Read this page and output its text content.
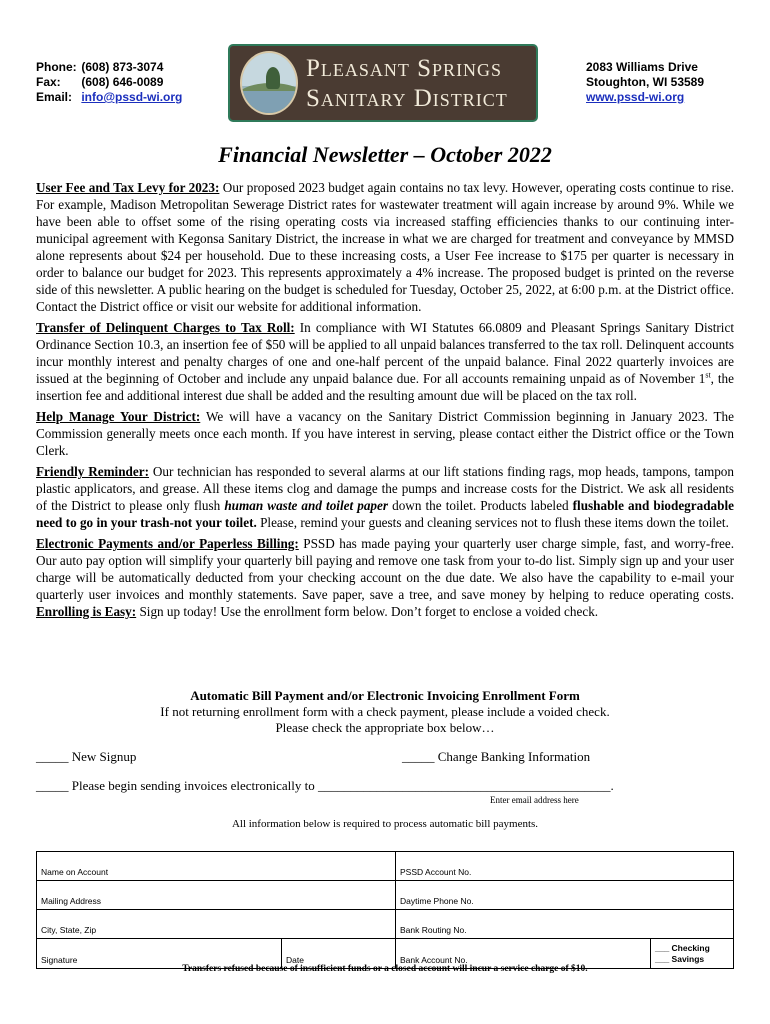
Phone: (608) 873-3074
Fax: (608) 646-0089
Email: info@pssd-wi.org
Pleasant Springs
Sanitary District
2083 Williams Drive
Stoughton, WI 53589
www.pssd-wi.org
Financial Newsletter – October 2022

User Fee and Tax Levy for 2023: Our proposed 2023 budget again contains no tax levy. However, operating costs continue to rise. For example, Madison Metropolitan Sewerage District rates for wastewater treatment will again increase by around 9%. While we have been able to offset some of the rising operating costs via increased staffing efficiencies thanks to our continuing inter-municipal agreement with Kegonsa Sanitary District, the increase in what we are charged for treatment and conveyance by MMSD alone represents about $24 per household. Due to these increasing costs, a User Fee increase to $175 per quarter is necessary in order to balance our budget for 2023. This represents approximately a 4% increase. The proposed budget is printed on the reverse side of this newsletter. A public hearing on the budget is scheduled for Tuesday, October 25, 2022, at 6:00 p.m. at the District office. Contact the District office or visit our website for additional information.

Transfer of Delinquent Charges to Tax Roll: In compliance with WI Statutes 66.0809 and Pleasant Springs Sanitary District Ordinance Section 10.3, an insertion fee of $50 will be applied to all unpaid balances transferred to the tax roll. Delinquent accounts incur monthly interest and penalty charges of one and one-half percent of the unpaid balance. Final 2022 quarterly invoices are issued at the beginning of October and include any unpaid balance due. For all accounts remaining unpaid as of November 1st, the insertion fee and additional interest due shall be added and the resulting amount due will be placed on the tax roll.

Help Manage Your District: We will have a vacancy on the Sanitary District Commission beginning in January 2023. The Commission generally meets once each month. If you have interest in serving, please contact either the District office or the Town Clerk.

Friendly Reminder: Our technician has responded to several alarms at our lift stations finding rags, mop heads, tampons, tampon plastic applicators, and grease. All these items clog and damage the pumps and increase costs for the District. We ask all residents of the District to please only flush human waste and toilet paper down the toilet. Products labeled flushable and biodegradable need to go in your trash-not your toilet. Please, remind your guests and cleaning services not to flush these items down the toilet.

Electronic Payments and/or Paperless Billing: PSSD has made paying your quarterly user charge simple, fast, and worry-free. Our auto pay option will simplify your quarterly bill paying and remove one task from your to-do list. Simply sign up and your user charge will be automatically deducted from your checking account on the due date. We also have the capability to e-mail your quarterly user invoices and monthly statements. Save paper, save a tree, and save money by helping to reduce operating costs. Enrolling is Easy: Sign up today! Use the enrollment form below. Don’t forget to enclose a voided check.

Automatic Bill Payment and/or Electronic Invoicing Enrollment Form
If not returning enrollment form with a check payment, please include a voided check.
Please check the appropriate box below…
_____ New Signup	_____ Change Banking Information
_____ Please begin sending invoices electronically to _____________________________________________.
Enter email address here
All information below is required to process automatic bill payments.
Name on Account		PSSD Account No.	
Mailing Address		Daytime Phone No.	
City, State, Zip		Bank Routing No.	
Signature	Date	Bank Account No.	___ Checking
___ Savings
Transfers refused because of insufficient funds or a closed account will incur a service charge of $10.
